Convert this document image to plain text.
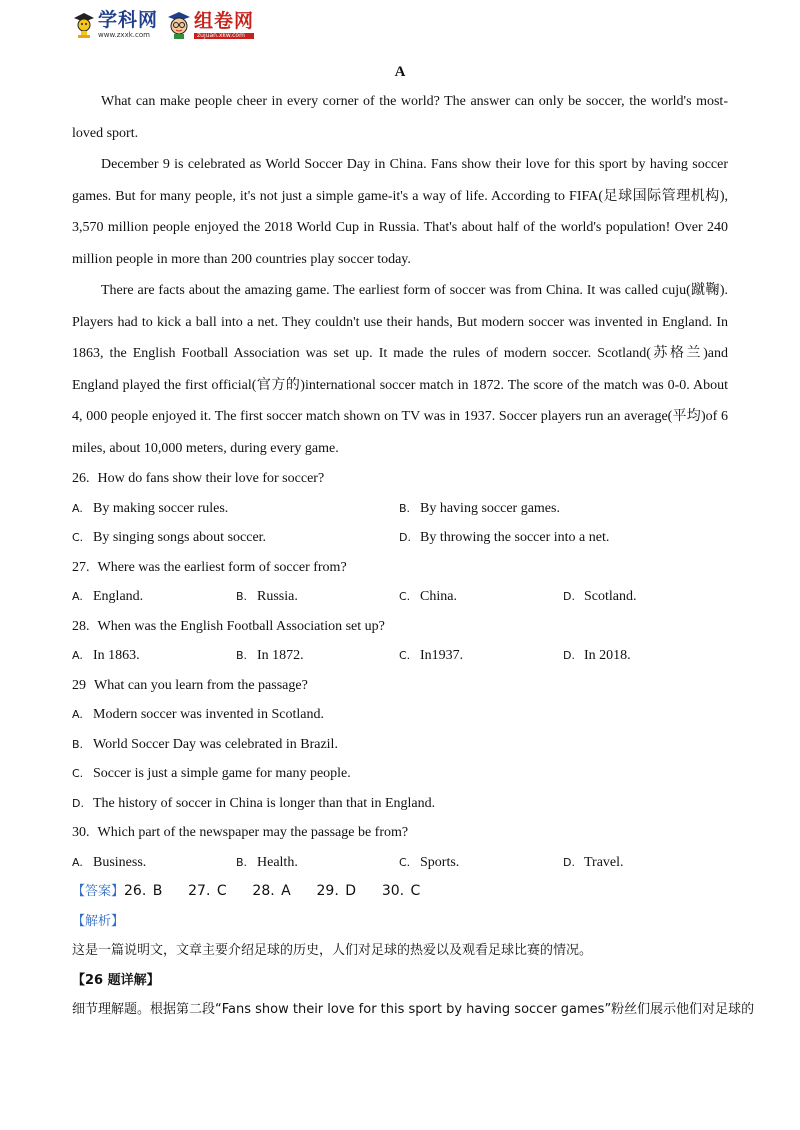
学科网
www.zxxk.com
组卷网
zujuan.xkw.com
A

What can make people cheer in every corner of the world? The answer can only be soccer, the world's most-loved sport.

December 9 is celebrated as World Soccer Day in China. Fans show their love for this sport by having soccer games. But for many people, it's not just a simple game-it's a way of life. According to FIFA(足球国际管理机构), 3,570 million people enjoyed the 2018 World Cup in Russia. That's about half of the world's population! Over 240 million people in more than 200 countries play soccer today.

There are facts about the amazing game. The earliest form of soccer was from China. It was called cuju(蹴鞠). Players had to kick a ball into a net. They couldn't use their hands, But modern soccer was invented in England. In 1863, the English Football Association was set up. It made the rules of modern soccer. Scotland(苏格兰)and England played the first official(官方的)international soccer match in 1872. The score of the match was 0-0. About 4, 000 people enjoyed it. The first soccer match shown on TV was in 1937. Soccer players run an average(平均)of 6 miles, about 10,000 meters, during every game.

26. How do fans show their love for soccer?
A. By making soccer rules.	B. By having soccer games.
C. By singing songs about soccer.	D. By throwing the soccer into a net.
27. Where was the earliest form of soccer from?
A. England.	B. Russia.	C. China.	D. Scotland.
28. When was the English Football Association set up?
A. In 1863.	B. In 1872.	C. In1937.	D. In 2018.
29 What can you learn from the passage?
A. Modern soccer was invented in Scotland.
B. World Soccer Day was celebrated in Brazil.
C. Soccer is just a simple game for many people.
D. The history of soccer in China is longer than that in England.
30. Which part of the newspaper may the passage be from?
A. Business.	B. Health.	C. Sports.	D. Travel.
【答案】26. B    27. C    28. A    29. D    30. C
【解析】
这是一篇说明文，文章主要介绍足球的历史，人们对足球的热爱以及观看足球比赛的情况。
【26 题详解】
细节理解题。根据第二段“Fans show their love for this sport by having soccer games”粉丝们展示他们对足球的
